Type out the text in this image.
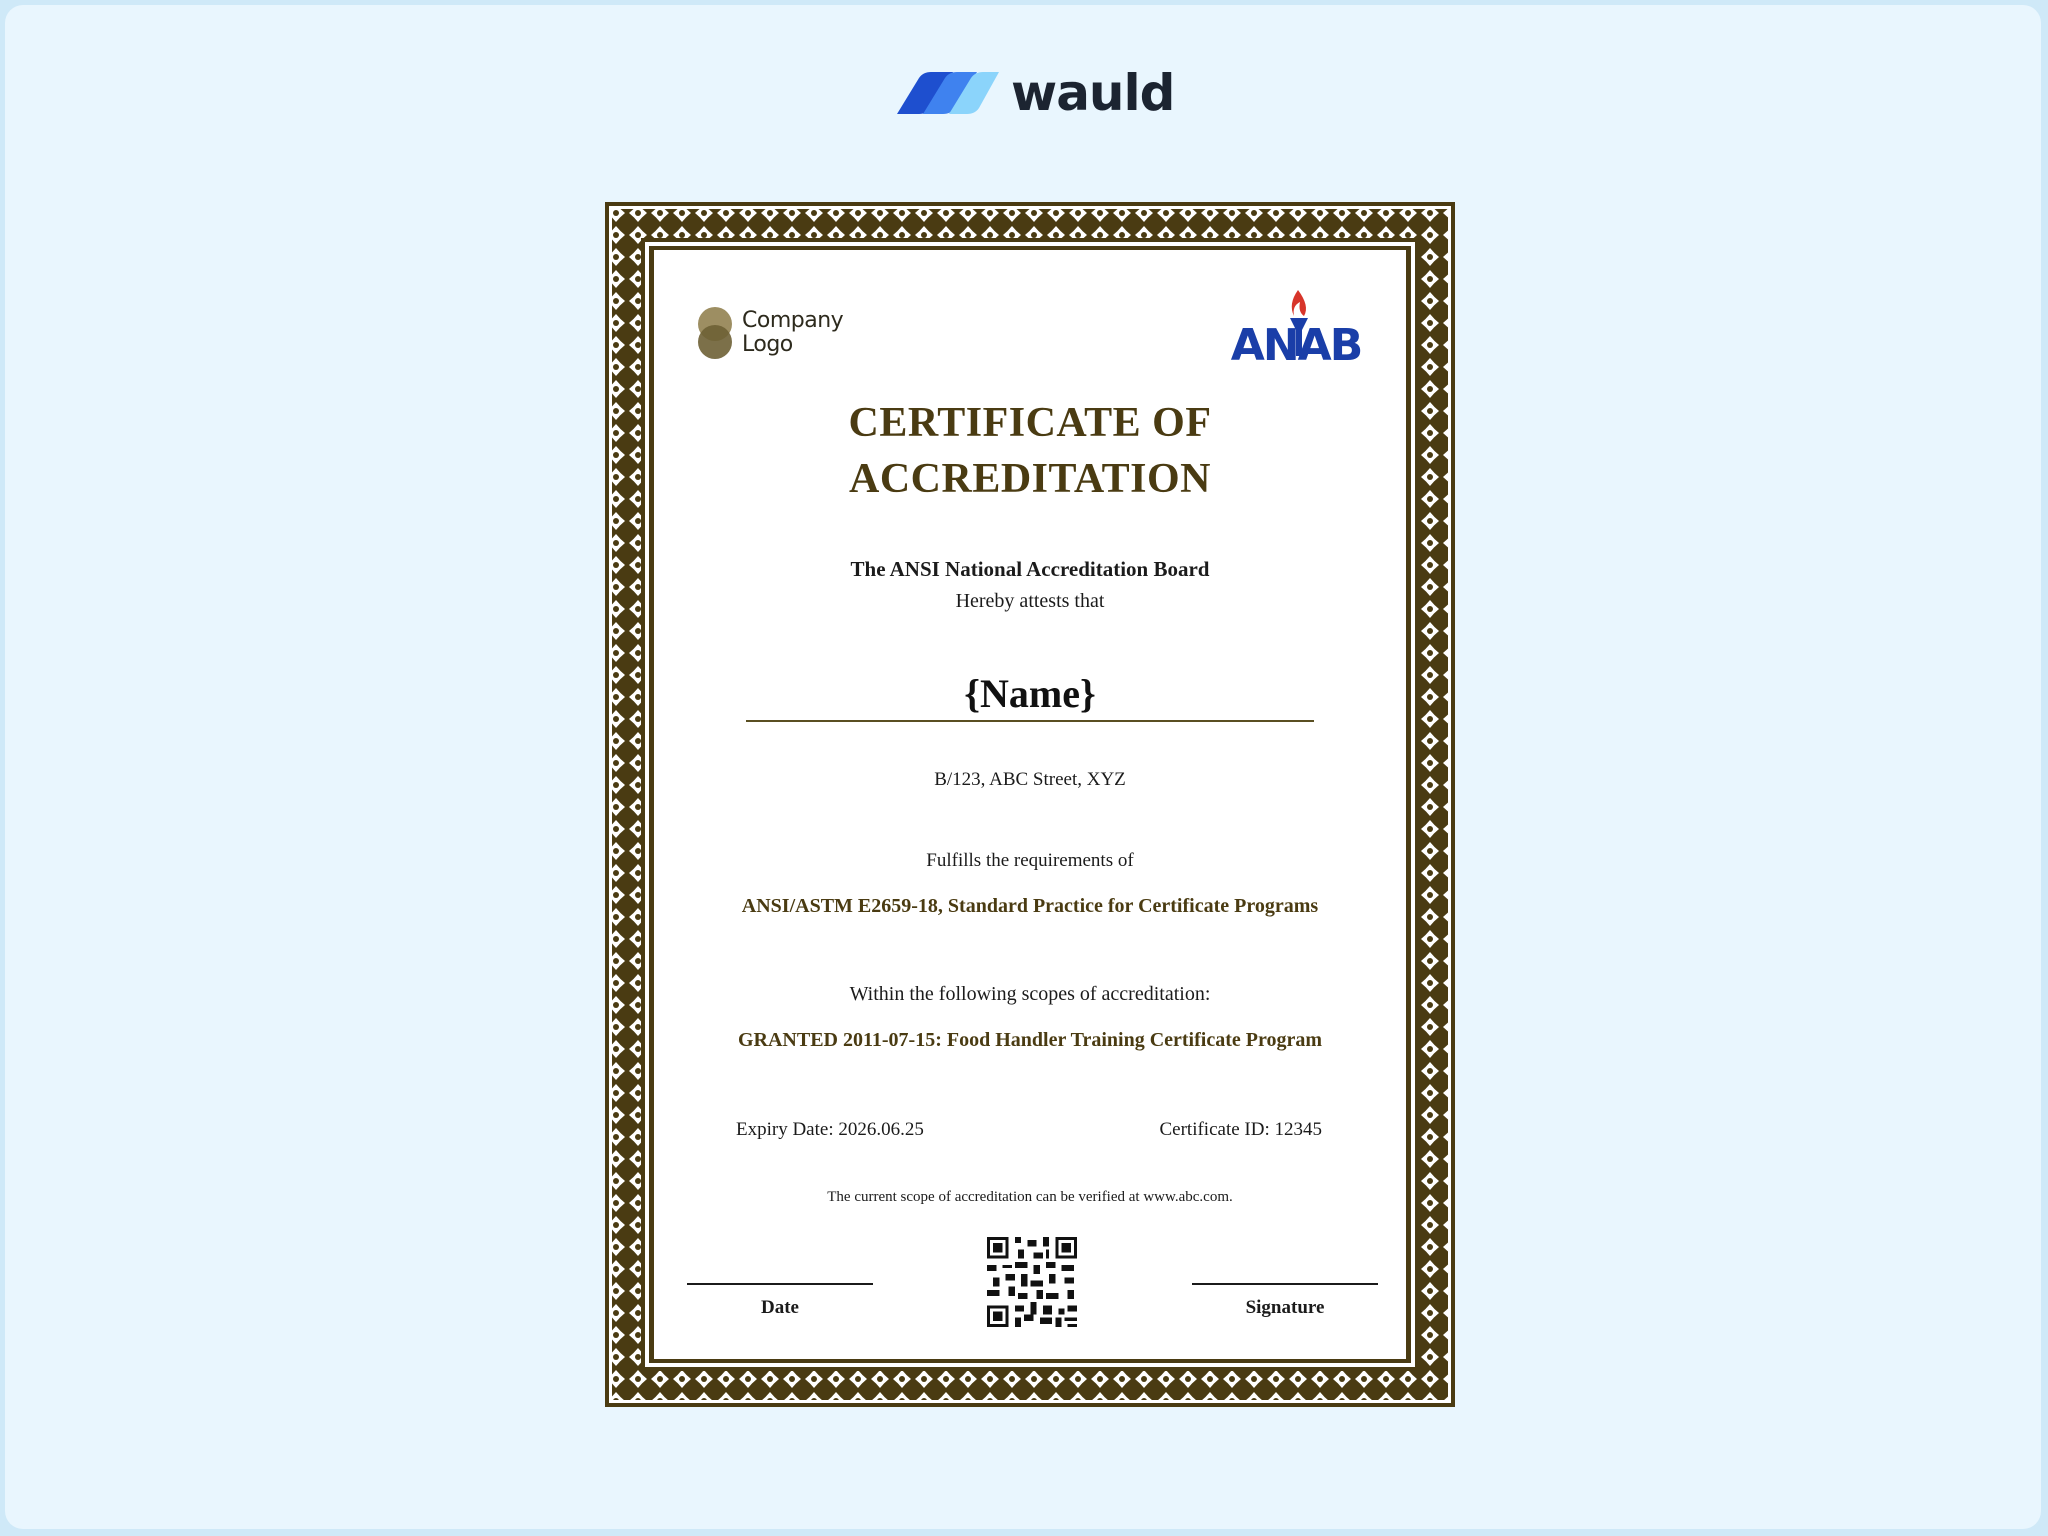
wauld
Company
Logo	ANAB
CERTIFICATE OF
ACCREDITATION
The ANSI National Accreditation Board
Hereby attests that
{Name}
B/123, ABC Street, XYZ
Fulfills the requirements of
ANSI/ASTM E2659-18, Standard Practice for Certificate Programs
Within the following scopes of accreditation:
GRANTED 2011-07-15: Food Handler Training Certificate Program
Expiry Date: 2026.06.25	Certificate ID: 12345
The current scope of accreditation can be verified at www.abc.com.
Date	Signature
